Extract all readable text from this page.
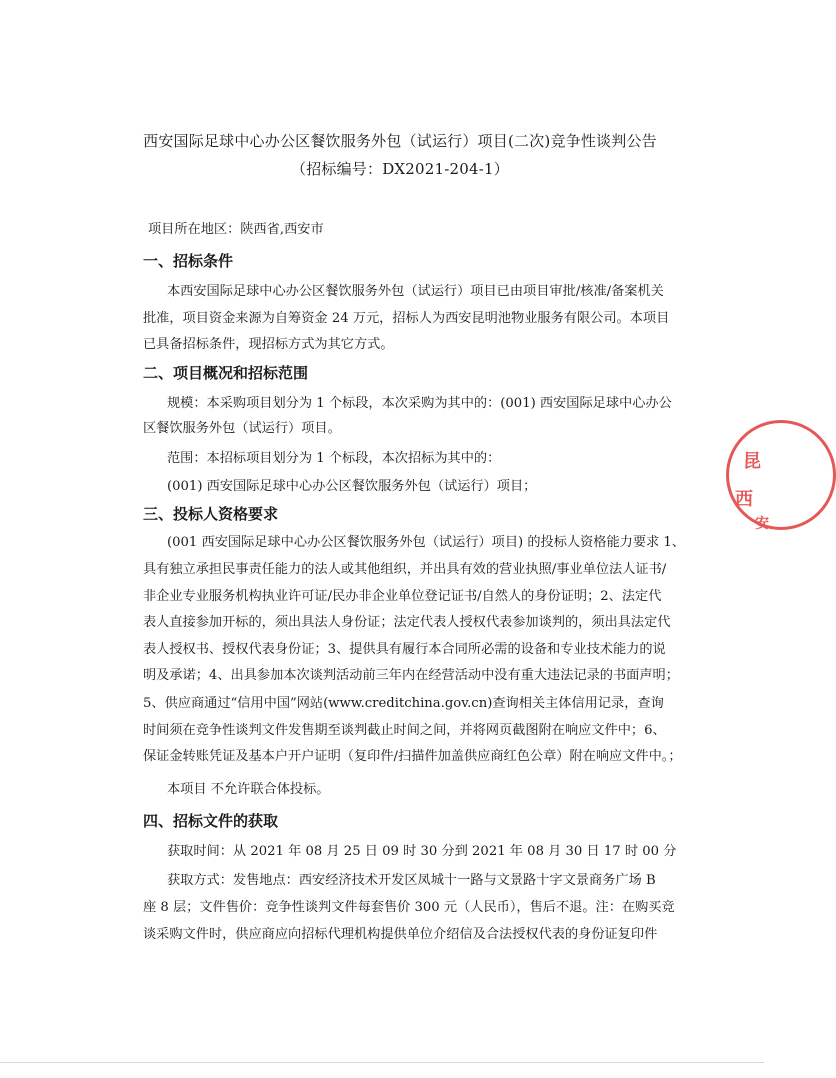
西安国际足球中心办公区餐饮服务外包（试运行）项目(二次)竞争性谈判公告
（招标编号：DX2021-204-1）
项目所在地区：陕西省,西安市
一、招标条件
本西安国际足球中心办公区餐饮服务外包（试运行）项目已由项目审批/核准/备案机关
批准，项目资金来源为自筹资金 24 万元，招标人为西安昆明池物业服务有限公司。本项目
已具备招标条件，现招标方式为其它方式。
二、项目概况和招标范围
规模：本采购项目划分为 1 个标段，本次采购为其中的：(001) 西安国际足球中心办公
区餐饮服务外包（试运行）项目。
范围：本招标项目划分为 1 个标段，本次招标为其中的：
(001) 西安国际足球中心办公区餐饮服务外包（试运行）项目；
三、投标人资格要求
(001 西安国际足球中心办公区餐饮服务外包（试运行）项目) 的投标人资格能力要求 1、
具有独立承担民事责任能力的法人或其他组织，并出具有效的营业执照/事业单位法人证书/
非企业专业服务机构执业许可证/民办非企业单位登记证书/自然人的身份证明；2、法定代
表人直接参加开标的，须出具法人身份证；法定代表人授权代表参加谈判的，须出具法定代
表人授权书、授权代表身份证；3、提供具有履行本合同所必需的设备和专业技术能力的说
明及承诺；4、出具参加本次谈判活动前三年内在经营活动中没有重大违法记录的书面声明；
5、供应商通过“信用中国”网站(www.creditchina.gov.cn)查询相关主体信用记录，查询
时间须在竞争性谈判文件发售期至谈判截止时间之间，并将网页截图附在响应文件中；6、
保证金转账凭证及基本户开户证明（复印件/扫描件加盖供应商红色公章）附在响应文件中。；
本项目 不允许联合体投标。
四、招标文件的获取
获取时间：从 2021 年 08 月 25 日 09 时 30 分到 2021 年 08 月 30 日 17 时 00 分
获取方式：发售地点：西安经济技术开发区凤城十一路与文景路十字文景商务广场 B
座 8 层；文件售价：竞争性谈判文件每套售价 300 元（人民币），售后不退。注：在购买竞
谈采购文件时，供应商应向招标代理机构提供单位介绍信及合法授权代表的身份证复印件
西
昆
安
